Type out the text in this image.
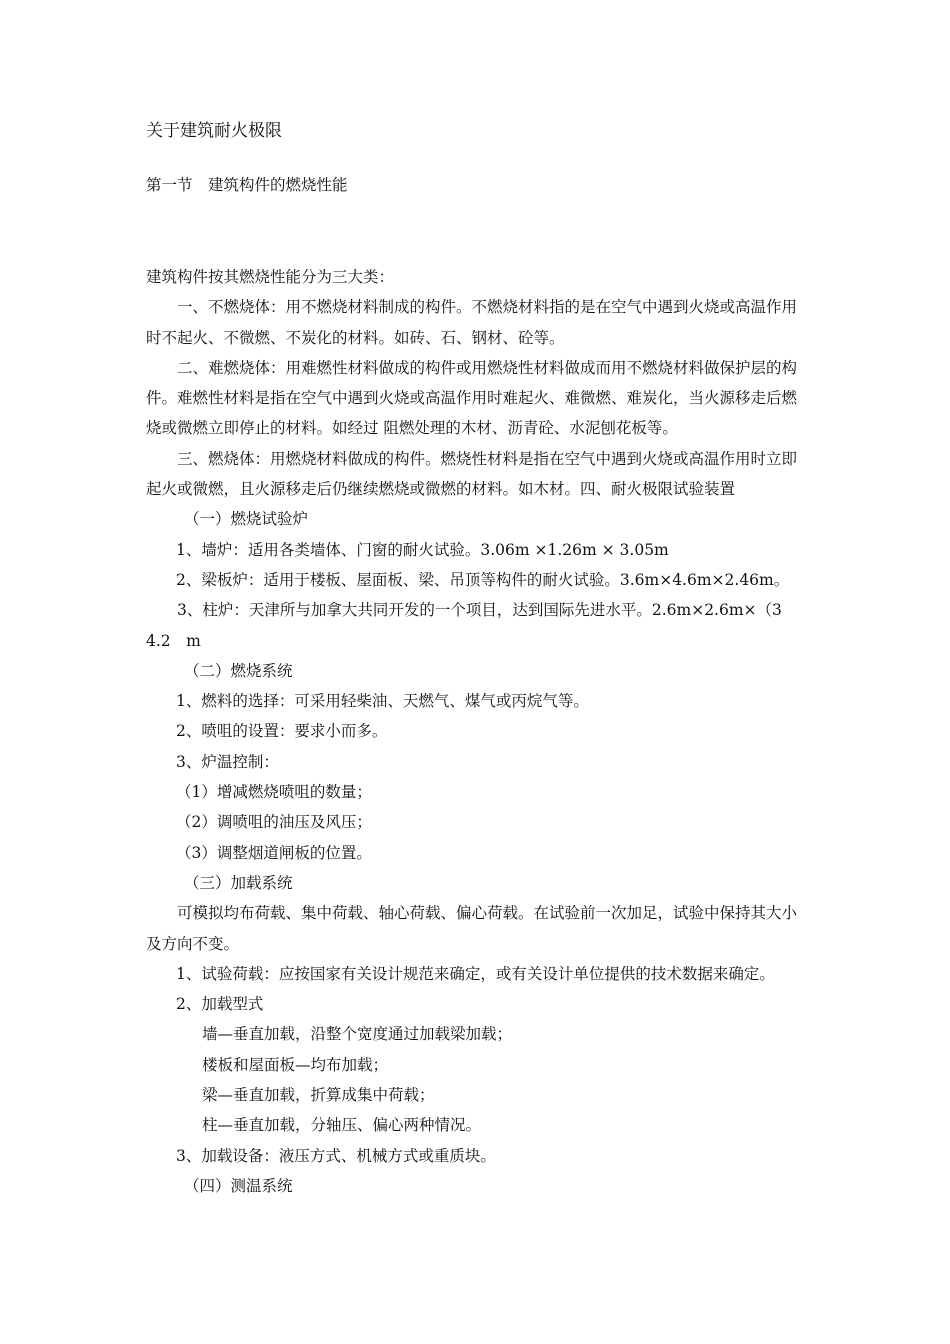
关于建筑耐火极限
第一节　建筑构件的燃烧性能

建筑构件按其燃烧性能分为三大类：

一、不燃烧体：用不燃烧材料制成的构件。不燃烧材料指的是在空气中遇到火烧或高温作用时不起火、不微燃、不炭化的材料。如砖、石、钢材、砼等。

二、难燃烧体：用难燃性材料做成的构件或用燃烧性材料做成而用不燃烧材料做保护层的构件。难燃性材料是指在空气中遇到火烧或高温作用时难起火、难微燃、难炭化，当火源移走后燃烧或微燃立即停止的材料。如经过 阻燃处理的木材、沥青砼、水泥刨花板等。

三、燃烧体：用燃烧材料做成的构件。燃烧性材料是指在空气中遇到火烧或高温作用时立即起火或微燃，且火源移走后仍继续燃烧或微燃的材料。如木材。四、耐火极限试验装置

（一）燃烧试验炉

1、墙炉：适用各类墙体、门窗的耐火试验。3.06m ×1.26m × 3.05m

2、梁板炉：适用于楼板、屋面板、梁、吊顶等构件的耐火试验。3.6m×4.6m×2.46m。

3、柱炉：天津所与加拿大共同开发的一个项目，达到国际先进水平。2.6m×2.6m×（3　4.2　m

（二）燃烧系统

1、燃料的选择：可采用轻柴油、天燃气、煤气或丙烷气等。

2、喷咀的设置：要求小而多。

3、炉温控制：

（1）增减燃烧喷咀的数量；

（2）调喷咀的油压及风压；

（3）调整烟道闸板的位置。

（三）加载系统

可模拟均布荷载、集中荷载、轴心荷载、偏心荷载。在试验前一次加足，试验中保持其大小及方向不变。

1、试验荷载：应按国家有关设计规范来确定，或有关设计单位提供的技术数据来确定。

2、加载型式

墙—垂直加载，沿整个宽度通过加载梁加载；

楼板和屋面板—均布加载；

梁—垂直加载，折算成集中荷载；

柱—垂直加载，分轴压、偏心两种情况。

3、加载设备：液压方式、机械方式或重质块。

（四）测温系统
